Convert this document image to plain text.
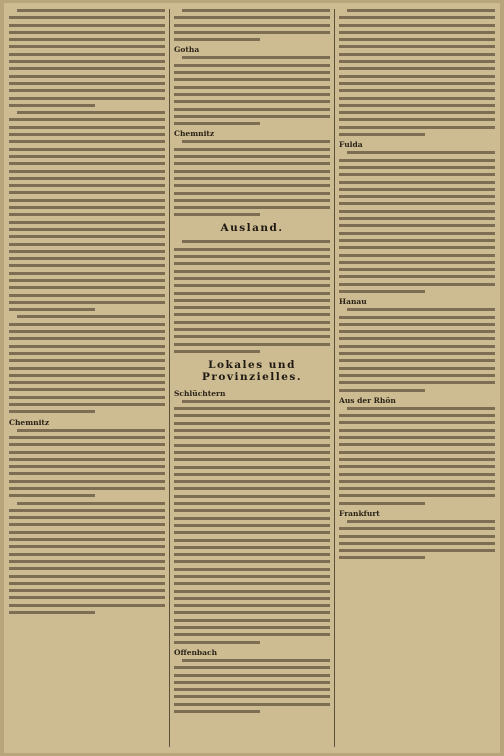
Chemnitz
Gotha
Chemnitz
Ausland.
Lokales und Provinzielles.
Schlüchtern
Offenbach
Fulda
Hanau
Aus der Rhön
Frankfurt
